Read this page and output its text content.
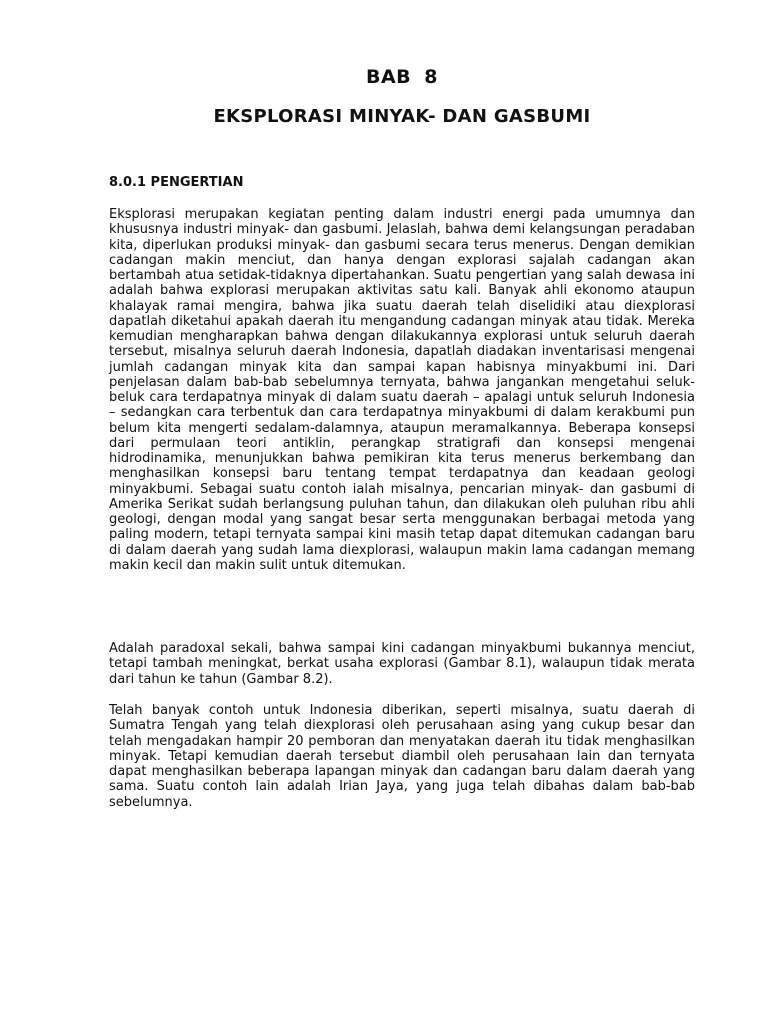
BAB 8
EKSPLORASI MINYAK- DAN GASBUMI
8.0.1 PENGERTIAN

Eksplorasi merupakan kegiatan penting dalam industri energi pada umumnya dan khususnya industri minyak- dan gasbumi. Jelaslah, bahwa demi kelangsungan peradaban kita, diperlukan produksi minyak- dan gasbumi secara terus menerus. Dengan demikian cadangan makin menciut, dan hanya dengan explorasi sajalah cadangan akan bertambah atua setidak-tidaknya dipertahankan. Suatu pengertian yang salah dewasa ini adalah bahwa explorasi merupakan aktivitas satu kali. Banyak ahli ekonomo ataupun khalayak ramai mengira, bahwa jika suatu daerah telah diselidiki atau diexplorasi dapatlah diketahui apakah daerah itu mengandung cadangan minyak atau tidak. Mereka kemudian mengharapkan bahwa dengan dilakukannya explorasi untuk seluruh daerah tersebut, misalnya seluruh daerah Indonesia, dapatlah diadakan inventarisasi mengenai jumlah cadangan minyak kita dan sampai kapan habisnya minyakbumi ini. Dari penjelasan dalam bab-bab sebelumnya ternyata, bahwa jangankan mengetahui seluk-beluk cara terdapatnya minyak di dalam suatu daerah – apalagi untuk seluruh Indonesia – sedangkan cara terbentuk dan cara terdapatnya minyakbumi di dalam kerakbumi pun belum kita mengerti sedalam-dalamnya, ataupun meramalkannya. Beberapa konsepsi dari permulaan teori antiklin, perangkap stratigrafi dan konsepsi mengenai hidrodinamika, menunjukkan bahwa pemikiran kita terus menerus berkembang dan menghasilkan konsepsi baru tentang tempat terdapatnya dan keadaan geologi minyakbumi. Sebagai suatu contoh ialah misalnya, pencarian minyak- dan gasbumi di Amerika Serikat sudah berlangsung puluhan tahun, dan dilakukan oleh puluhan ribu ahli geologi, dengan modal yang sangat besar serta menggunakan berbagai metoda yang paling modern, tetapi ternyata sampai kini masih tetap dapat ditemukan cadangan baru di dalam daerah yang sudah lama diexplorasi, walaupun makin lama cadangan memang makin kecil dan makin sulit untuk ditemukan.

Adalah paradoxal sekali, bahwa sampai kini cadangan minyakbumi bukannya menciut, tetapi tambah meningkat, berkat usaha explorasi (Gambar 8.1), walaupun tidak merata dari tahun ke tahun (Gambar 8.2).

Telah banyak contoh untuk Indonesia diberikan, seperti misalnya, suatu daerah di Sumatra Tengah yang telah diexplorasi oleh perusahaan asing yang cukup besar dan telah mengadakan hampir 20 pemboran dan menyatakan daerah itu tidak menghasilkan minyak. Tetapi kemudian daerah tersebut diambil oleh perusahaan lain dan ternyata dapat menghasilkan beberapa lapangan minyak dan cadangan baru dalam daerah yang sama. Suatu contoh lain adalah Irian Jaya, yang juga telah dibahas dalam bab-bab sebelumnya.
